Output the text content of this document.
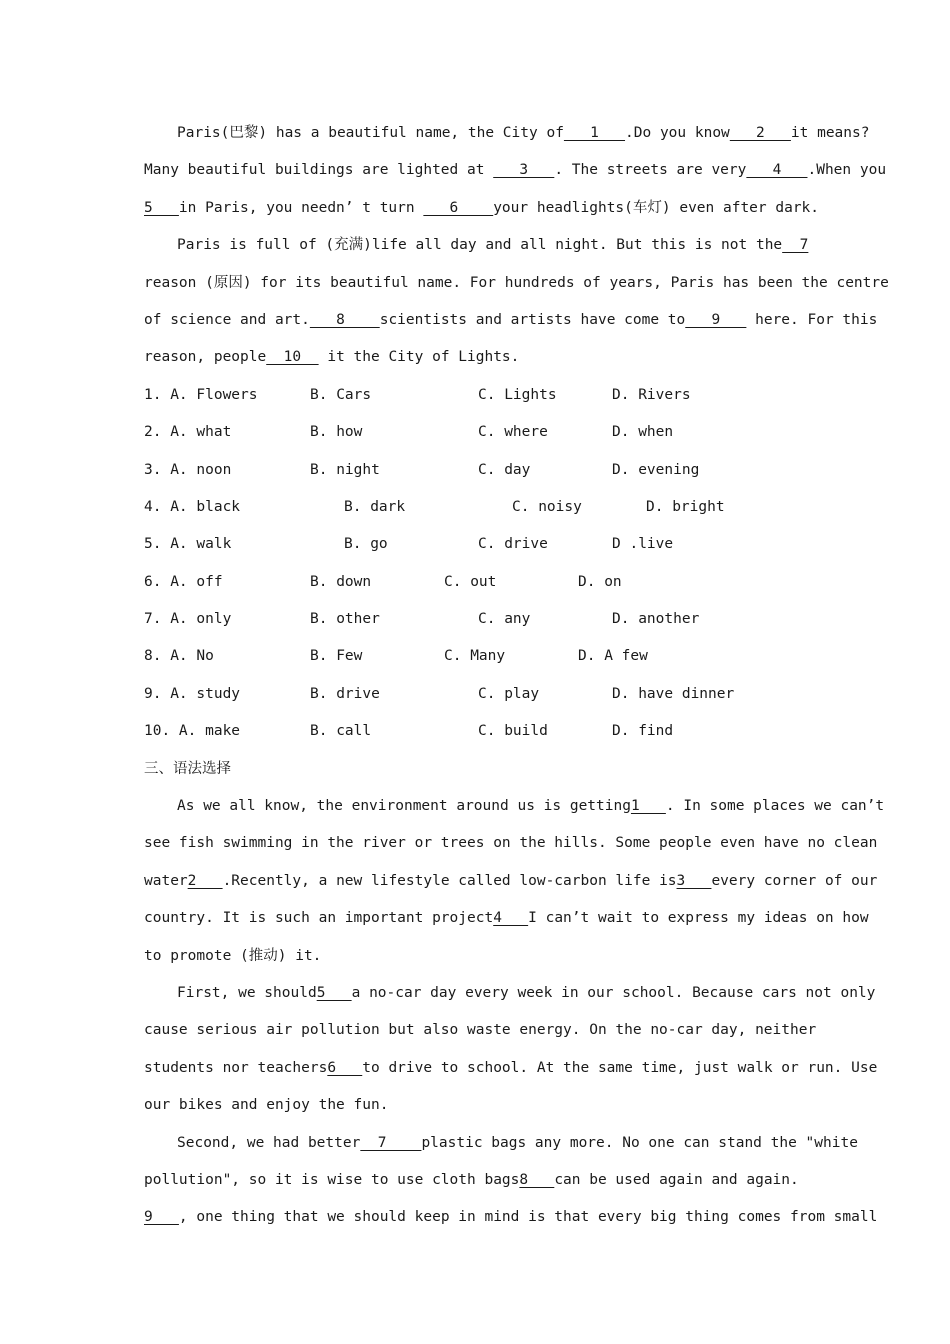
Paris(巴黎) has a beautiful name, the City of   1   .Do you know   2   it means?
Many beautiful buildings are lighted at    3   . The streets are very   4   .When you
5   in Paris, you needn’ t turn    6    your headlights(车灯) even after dark.
Paris is full of (充满)life all day and all night. But this is not the  7
reason (原因) for its beautiful name. For hundreds of years, Paris has been the centre
of science and art.   8    scientists and artists have come to   9    here. For this
reason, people  10   it the City of Lights.
1. A. Flowers	B. Cars	C. Lights	D. Rivers
2. A. what	B. how	C. where	D. when
3. A. noon	B. night	C. day	D. evening
4. A. black	B. dark	C. noisy	D. bright
5. A. walk	B. go	C. drive	D .live
6. A. off	B. down	C. out	D. on
7. A. only	B. other	C. any	D. another
8. A. No	B. Few	C. Many	D. A few
9. A. study	B. drive	C. play	D. have dinner
10. A. make	B. call	C. build	D. find
三、语法选择
As we all know, the environment around us is getting1   . In some places we can’t
see fish swimming in the river or trees on the hills. Some people even have no clean
water2   .Recently, a new lifestyle called low-carbon life is3   every corner of our
country. It is such an important project4   I can’t wait to express my ideas on how
to promote (推动) it.
First, we should5   a no-car day every week in our school. Because cars not only
cause serious air pollution but also waste energy. On the no-car day, neither
students nor teachers6   to drive to school. At the same time, just walk or run. Use
our bikes and enjoy the fun.
Second, we had better  7    plastic bags any more. No one can stand the "white
pollution", so it is wise to use cloth bags8   can be used again and again.
9   , one thing that we should keep in mind is that every big thing comes from small
